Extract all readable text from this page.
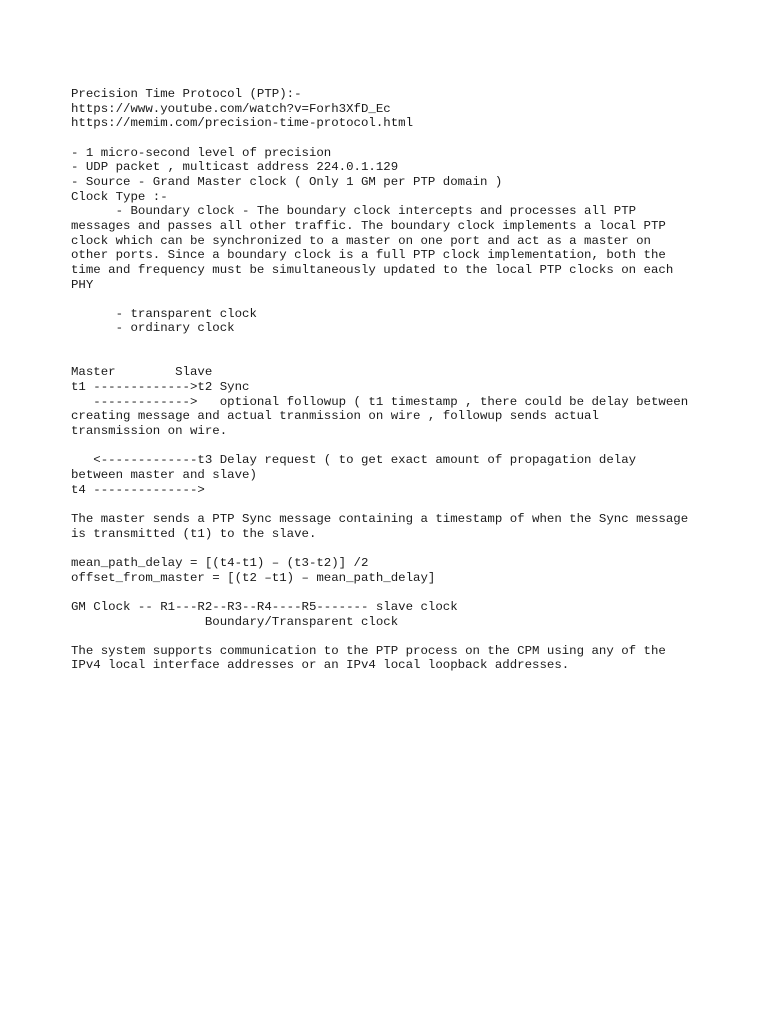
Precision Time Protocol (PTP):-
https://www.youtube.com/watch?v=Forh3XfD_Ec
https://memim.com/precision-time-protocol.html
- 1 micro-second level of precision
- UDP packet , multicast address 224.0.1.129
- Source - Grand Master clock ( Only 1 GM per PTP domain )
Clock Type :-
- Boundary clock - The boundary clock intercepts and processes all PTP
messages and passes all other traffic. The boundary clock implements a local PTP
clock which can be synchronized to a master on one port and act as a master on
other ports. Since a boundary clock is a full PTP clock implementation, both the
time and frequency must be simultaneously updated to the local PTP clocks on each
PHY
- transparent clock
- ordinary clock
Master        Slave
t1 ------------->t2 Sync
------------->   optional followup ( t1 timestamp , there could be delay between
creating message and actual tranmission on wire , followup sends actual
transmission on wire.
<-------------t3 Delay request ( to get exact amount of propagation delay
between master and slave)
t4 -------------->
The master sends a PTP Sync message containing a timestamp of when the Sync message
is transmitted (t1) to the slave.
mean_path_delay = [(t4-t1) – (t3-t2)] /2
offset_from_master = [(t2 –t1) – mean_path_delay]
GM Clock -- R1---R2--R3--R4----R5------- slave clock
Boundary/Transparent clock
The system supports communication to the PTP process on the CPM using any of the
IPv4 local interface addresses or an IPv4 local loopback addresses.
